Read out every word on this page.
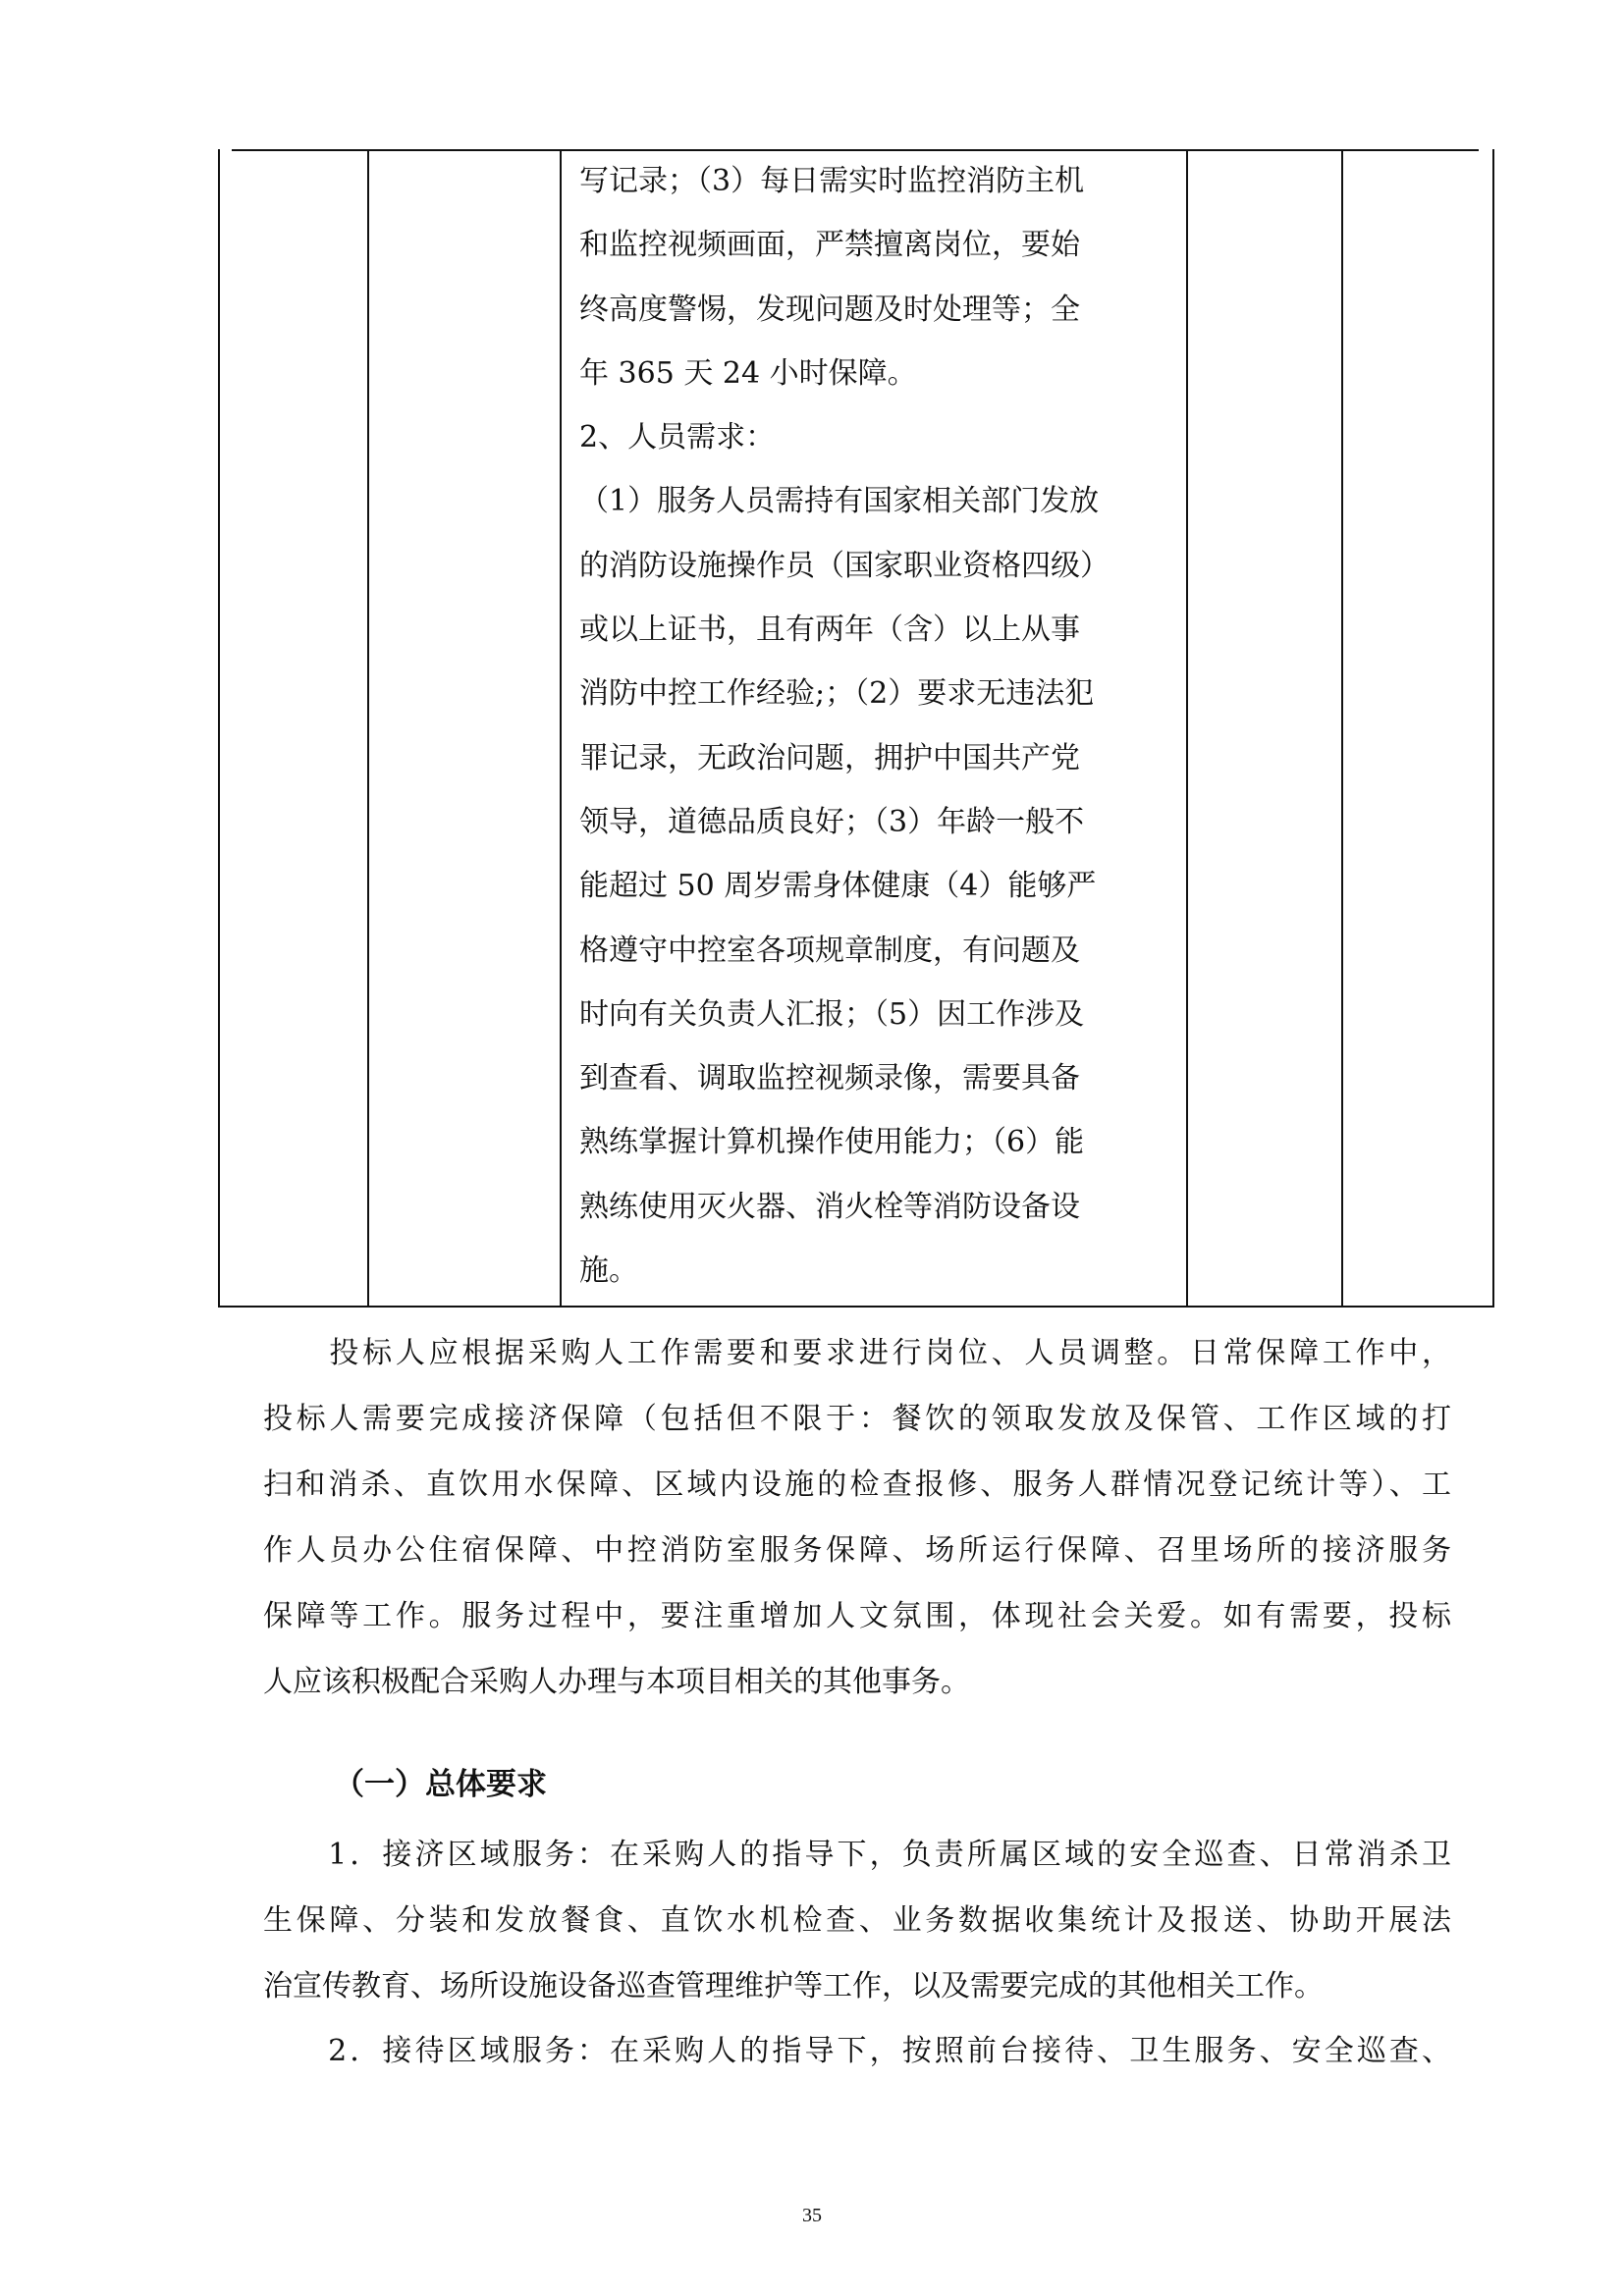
写记录；（3）每日需实时监控消防主机
和监控视频画面，严禁擅离岗位，要始
终高度警惕，发现问题及时处理等；全
年 365 天 24 小时保障。
2、人员需求：
（1）服务人员需持有国家相关部门发放
的消防设施操作员（国家职业资格四级）
或以上证书，且有两年（含）以上从事
消防中控工作经验;；（2）要求无违法犯
罪记录，无政治问题，拥护中国共产党
领导，道德品质良好；（3）年龄一般不
能超过 50 周岁需身体健康（4）能够严
格遵守中控室各项规章制度，有问题及
时向有关负责人汇报；（5）因工作涉及
到查看、调取监控视频录像，需要具备
熟练掌握计算机操作使用能力；（6）能
熟练使用灭火器、消火栓等消防设备设
施。
　　投标人应根据采购人工作需要和要求进行岗位、人员调整。日常保障工作中，
投标人需要完成接济保障（包括但不限于：餐饮的领取发放及保管、工作区域的打
扫和消杀、直饮用水保障、区域内设施的检查报修、服务人群情况登记统计等）、工
作人员办公住宿保障、中控消防室服务保障、场所运行保障、召里场所的接济服务
保障等工作。服务过程中，要注重增加人文氛围，体现社会关爱。如有需要，投标
人应该积极配合采购人办理与本项目相关的其他事务。
（一）总体要求
　　1．接济区域服务：在采购人的指导下，负责所属区域的安全巡查、日常消杀卫
生保障、分装和发放餐食、直饮水机检查、业务数据收集统计及报送、协助开展法
治宣传教育、场所设施设备巡查管理维护等工作，以及需要完成的其他相关工作。
　　2．接待区域服务：在采购人的指导下，按照前台接待、卫生服务、安全巡查、
35
